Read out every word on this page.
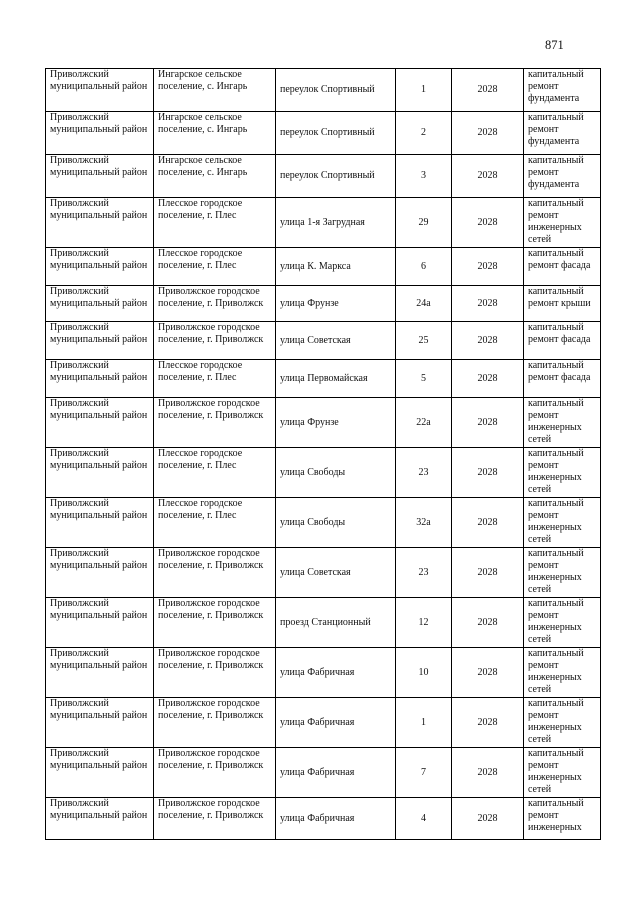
871
Приволжский муниципальный район	Ингарское сельское поселение, с. Ингарь	переулок Спортивный	1	2028	капитальный ремонт фундамента
Приволжский муниципальный район	Ингарское сельское поселение, с. Ингарь	переулок Спортивный	2	2028	капитальный ремонт фундамента
Приволжский муниципальный район	Ингарское сельское поселение, с. Ингарь	переулок Спортивный	3	2028	капитальный ремонт фундамента
Приволжский муниципальный район	Плесское городское поселение, г. Плес	улица 1-я Загрудная	29	2028	капитальный ремонт инженерных сетей
Приволжский муниципальный район	Плесское городское поселение, г. Плес	улица К. Маркса	6	2028	капитальный ремонт фасада
Приволжский муниципальный район	Приволжское городское поселение, г. Приволжск	улица Фрунзе	24а	2028	капитальный ремонт крыши
Приволжский муниципальный район	Приволжское городское поселение, г. Приволжск	улица Советская	25	2028	капитальный ремонт фасада
Приволжский муниципальный район	Плесское городское поселение, г. Плес	улица Первомайская	5	2028	капитальный ремонт фасада
Приволжский муниципальный район	Приволжское городское поселение, г. Приволжск	улица Фрунзе	22а	2028	капитальный ремонт инженерных сетей
Приволжский муниципальный район	Плесское городское поселение, г. Плес	улица Свободы	23	2028	капитальный ремонт инженерных сетей
Приволжский муниципальный район	Плесское городское поселение, г. Плес	улица Свободы	32а	2028	капитальный ремонт инженерных сетей
Приволжский муниципальный район	Приволжское городское поселение, г. Приволжск	улица Советская	23	2028	капитальный ремонт инженерных сетей
Приволжский муниципальный район	Приволжское городское поселение, г. Приволжск	проезд Станционный	12	2028	капитальный ремонт инженерных сетей
Приволжский муниципальный район	Приволжское городское поселение, г. Приволжск	улица Фабричная	10	2028	капитальный ремонт инженерных сетей
Приволжский муниципальный район	Приволжское городское поселение, г. Приволжск	улица Фабричная	1	2028	капитальный ремонт инженерных сетей
Приволжский муниципальный район	Приволжское городское поселение, г. Приволжск	улица Фабричная	7	2028	капитальный ремонт инженерных сетей
Приволжский муниципальный район	Приволжское городское поселение, г. Приволжск	улица Фабричная	4	2028	капитальный ремонт инженерных
